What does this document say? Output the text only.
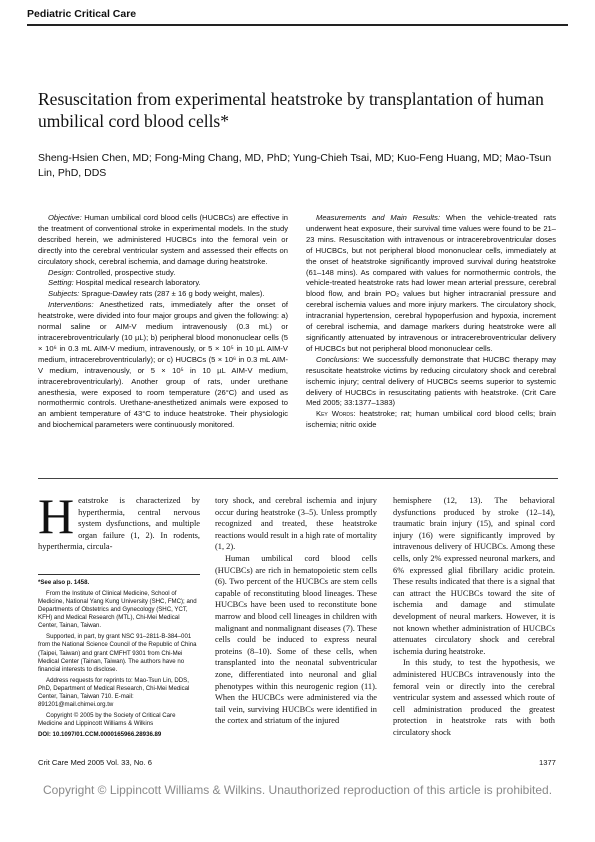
Pediatric Critical Care
Resuscitation from experimental heatstroke by transplantation of human umbilical cord blood cells*
Sheng-Hsien Chen, MD; Fong-Ming Chang, MD, PhD; Yung-Chieh Tsai, MD; Kuo-Feng Huang, MD; Mao-Tsun Lin, PhD, DDS

Objective: Human umbilical cord blood cells (HUCBCs) are effective in the treatment of conventional stroke in experimental models. In the study described herein, we administered HUCBCs into the femoral vein or directly into the cerebral ventricular system and assessed their effects on circulatory shock, cerebral ischemia, and damage during heatstroke.

Design: Controlled, prospective study.

Setting: Hospital medical research laboratory.

Subjects: Sprague-Dawley rats (287 ± 16 g body weight, males).

Interventions: Anesthetized rats, immediately after the onset of heatstroke, were divided into four major groups and given the following: a) normal saline or AIM-V medium intravenously (0.3 mL) or intracerebroventricularly (10 µL); b) peripheral blood mononuclear cells (5 × 10⁶ in 0.3 mL AIM-V medium, intravenously, or 5 × 10⁵ in 10 µL AIM-V medium, intracerebroventricularly); or c) HUCBCs (5 × 10⁶ in 0.3 mL AIM-V medium, intravenously, or 5 × 10⁵ in 10 µL AIM-V medium, intracerebroventricularly). Another group of rats, under urethane anesthesia, were exposed to room temperature (26°C) and used as normothermic controls. Urethane-anesthetized animals were exposed to an ambient temperature of 43°C to induce heatstroke. Their physiologic and biochemical parameters were continuously monitored.

Measurements and Main Results: When the vehicle-treated rats underwent heat exposure, their survival time values were found to be 21–23 mins. Resuscitation with intravenous or intracerebroventricular doses of HUCBCs, but not peripheral blood mononuclear cells, immediately at the onset of heatstroke significantly improved survival during heatstroke (61–148 mins). As compared with values for normothermic controls, the vehicle-treated heatstroke rats had lower mean arterial pressure, cerebral blood flow, and brain PO₂ values but higher intracranial pressure and cerebral ischemia values and more injury markers. The circulatory shock, intracranial hypertension, cerebral hypoperfusion and hypoxia, increment of cerebral ischemia, and damage markers during heatstroke were all significantly attenuated by intravenous or intracerebroventricular delivery of HUCBCs but not peripheral blood mononuclear cells.

Conclusions: We successfully demonstrate that HUCBC therapy may resuscitate heatstroke victims by reducing circulatory shock and cerebral ischemic injury; central delivery of HUCBCs seems superior to systemic delivery of HUCBCs in resuscitating patients with heatstroke. (Crit Care Med 2005; 33:1377–1383)

Key Words: heatstroke; rat; human umbilical cord blood cells; brain ischemia; nitric oxide

Heatstroke is characterized by hyperthermia, central nervous system dysfunctions, and multiple organ failure (1, 2). In rodents, hyperthermia, circula-

*See also p. 1458.

From the Institute of Clinical Medicine, School of Medicine, National Yang Kung University (SHC, FMC); and Departments of Obstetrics and Gynecology (SHC, YCT, KFH) and Medical Research (MTL), Chi-Mei Medical Center, Tainan, Taiwan.

Supported, in part, by grant NSC 91–2811-B-384–001 from the National Science Council of the Republic of China (Taipei, Taiwan) and grant CMFHT 9301 from Chi-Mei Medical Center (Tainan, Taiwan). The authors have no financial interests to disclose.

Address requests for reprints to: Mao-Tsun Lin, DDS, PhD, Department of Medical Research, Chi-Mei Medical Center, Tainan, Taiwan 710. E-mail: 891201@mail.chimei.org.tw

Copyright © 2005 by the Society of Critical Care Medicine and Lippincott Williams & Wilkins

DOI: 10.1097/01.CCM.0000165966.28936.89

tory shock, and cerebral ischemia and injury occur during heatstroke (3–5). Unless promptly recognized and treated, these heatstroke reactions would result in a high rate of mortality (1, 2).

Human umbilical cord blood cells (HUCBCs) are rich in hematopoietic stem cells (6). Two percent of the HUCBCs are stem cells capable of reconstituting blood lineages. These HUCBCs have been used to reconstitute bone marrow and blood cell lineages in children with malignant and nonmalignant diseases (7). These cells could be induced to express neural proteins (8–10). Some of these cells, when transplanted into the neonatal subventricular zone, differentiated into neuronal and glial phenotypes within this neurogenic region (11). When the HUCBCs were administered via the tail vein, surviving HUCBCs were identified in the cortex and striatum of the injured

hemisphere (12, 13). The behavioral dysfunctions produced by stroke (12–14), traumatic brain injury (15), and spinal cord injury (16) were significantly improved by intravenous delivery of HUCBCs. Among these cells, only 2% expressed neuronal markers, and 6% expressed glial fibrillary acidic protein. These results indicated that there is a signal that can attract the HUCBCs toward the site of ischemia and damage and stimulate development of neural markers. However, it is not known whether administration of HUCBCs attenuates circulatory shock and cerebral ischemia during heatstroke.

In this study, to test the hypothesis, we administered HUCBCs intravenously into the femoral vein or directly into the cerebral ventricular system and assessed which route of cell administration produced the greatest protection in heatstroke rats with both circulatory shock

Crit Care Med 2005 Vol. 33, No. 6	1377
Copyright © Lippincott Williams & Wilkins. Unauthorized reproduction of this article is prohibited.
